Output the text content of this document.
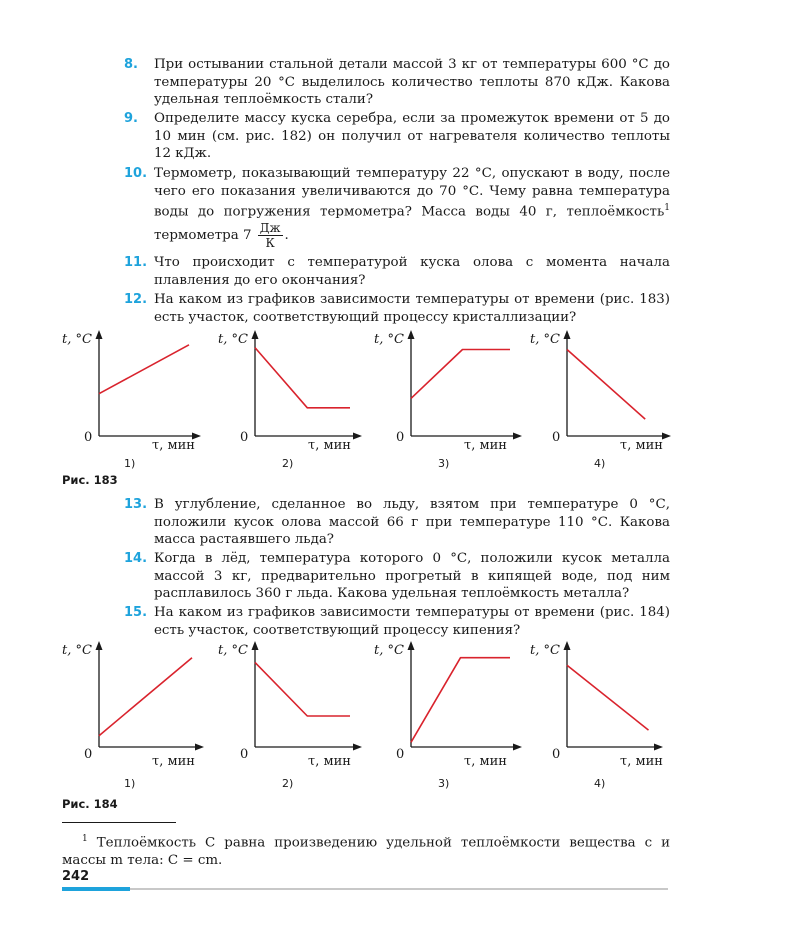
8.	При остывании стальной детали массой 3 кг от температуры 600 °С до температуры 20 °С выделилось количество теплоты 870 кДж. Какова удельная теплоёмкость стали?
9.	Определите массу куска серебра, если за промежуток времени от 5 до 10 мин (см. рис. 182) он получил от нагревателя количество теплоты 12 кДж.
10. Термометр, показывающий температуру 22 °С, опускают в воду, после чего его показания увеличиваются до 70 °С. Чему равна температура воды до погружения термометра? Масса воды 40 г, теплоёмкость$^1$ термометра $7 \frac{Дж}{К}$ .
11. Что происходит с температурой куска олова с момента начала плавления до его окончания?
12. На каком из графиков зависимости температуры от времени (рис. 183) есть участок, соответствующий процессу кристаллизации?
t, °C
0
τ, мин
1)
t, °C
0
τ, мин
2)
t, °C
0
τ, мин
3)
t, °C
0
τ, мин
4)
Рис. 183
13. В углубление, сделанное во льду, взятом при температуре 0 °С, положили кусок олова массой 66 г при температуре 110 °С. Какова масса растаявшего льда?
14. Когда в лёд, температура которого 0 °С, положили кусок металла массой 3 кг, предварительно прогретый в кипящей воде, под ним расплавилось 360 г льда. Какова удельная теплоёмкость металла?
15. На каком из графиков зависимости температуры от времени (рис. 184) есть участок, соответствующий процессу кипения?
t, °C
0	τ, мин
1)
t, °C
0	τ, мин
2)
t, °C
0	τ, мин
3)
t, °C
0	τ, мин
4)
Рис. 184
$^1$ Теплоёмкость C равна произведению удельной теплоёмкости вещества c и массы m тела: C = cm.
242
